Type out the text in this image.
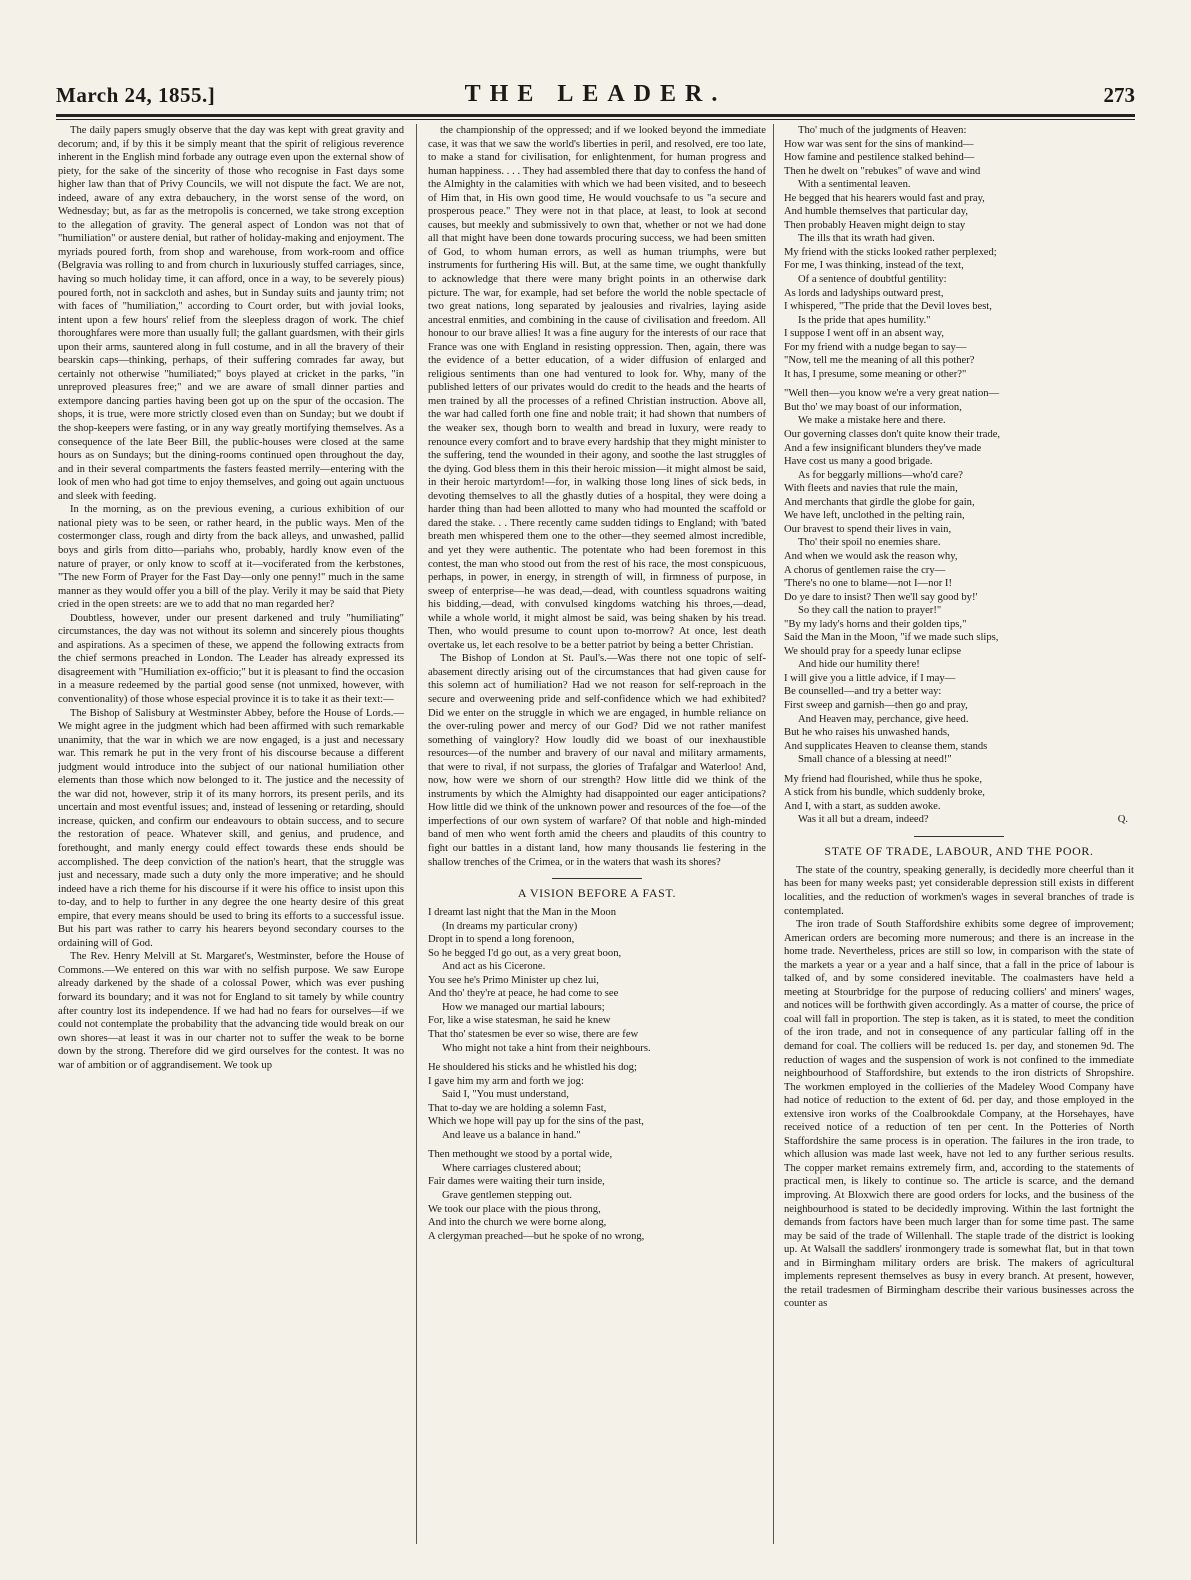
March 24, 1855.]	THE LEADER.	273

The daily papers smugly observe that the day was kept with great gravity and decorum; and, if by this it be simply meant that the spirit of religious reverence inherent in the English mind forbade any outrage even upon the external show of piety, for the sake of the sincerity of those who recognise in Fast days some higher law than that of Privy Councils, we will not dispute the fact. We are not, indeed, aware of any extra debauchery, in the worst sense of the word, on Wednesday; but, as far as the metropolis is concerned, we take strong exception to the allegation of gravity. The general aspect of London was not that of "humiliation" or austere denial, but rather of holiday-making and enjoyment. The myriads poured forth, from shop and warehouse, from work-room and office (Belgravia was rolling to and from church in luxuriously stuffed carriages, since, having so much holiday time, it can afford, once in a way, to be severely pious) poured forth, not in sackcloth and ashes, but in Sunday suits and jaunty trim; not with faces of "humiliation," according to Court order, but with jovial looks, intent upon a few hours' relief from the sleepless dragon of work. The chief thoroughfares were more than usually full; the gallant guardsmen, with their girls upon their arms, sauntered along in full costume, and in all the bravery of their bearskin caps—thinking, perhaps, of their suffering comrades far away, but certainly not otherwise "humiliated;" boys played at cricket in the parks, "in unreproved pleasures free;" and we are aware of small dinner parties and extempore dancing parties having been got up on the spur of the occasion. The shops, it is true, were more strictly closed even than on Sunday; but we doubt if the shop-keepers were fasting, or in any way greatly mortifying themselves. As a consequence of the late Beer Bill, the public-houses were closed at the same hours as on Sundays; but the dining-rooms continued open throughout the day, and in their several compartments the fasters feasted merrily—entering with the look of men who had got time to enjoy themselves, and going out again unctuous and sleek with feeding.

In the morning, as on the previous evening, a curious exhibition of our national piety was to be seen, or rather heard, in the public ways. Men of the costermonger class, rough and dirty from the back alleys, and unwashed, pallid boys and girls from ditto—pariahs who, probably, hardly know even of the nature of prayer, or only know to scoff at it—vociferated from the kerbstones, "The new Form of Prayer for the Fast Day—only one penny!" much in the same manner as they would offer you a bill of the play. Verily it may be said that Piety cried in the open streets: are we to add that no man regarded her?

Doubtless, however, under our present darkened and truly "humiliating" circumstances, the day was not without its solemn and sincerely pious thoughts and aspirations. As a specimen of these, we append the following extracts from the chief sermons preached in London. The Leader has already expressed its disagreement with "Humiliation ex-officio;" but it is pleasant to find the occasion in a measure redeemed by the partial good sense (not unmixed, however, with conventionality) of those whose especial province it is to take it as their text:—

The Bishop of Salisbury at Westminster Abbey, before the House of Lords.—We might agree in the judgment which had been affirmed with such remarkable unanimity, that the war in which we are now engaged, is a just and necessary war. This remark he put in the very front of his discourse because a different judgment would introduce into the subject of our national humiliation other elements than those which now belonged to it. The justice and the necessity of the war did not, however, strip it of its many horrors, its present perils, and its uncertain and most eventful issues; and, instead of lessening or retarding, should increase, quicken, and confirm our endeavours to obtain success, and to secure the restoration of peace. Whatever skill, and genius, and prudence, and forethought, and manly energy could effect towards these ends should be accomplished. The deep conviction of the nation's heart, that the struggle was just and necessary, made such a duty only the more imperative; and he should indeed have a rich theme for his discourse if it were his office to insist upon this to-day, and to help to further in any degree the one hearty desire of this great empire, that every means should be used to bring its efforts to a successful issue. But his part was rather to carry his hearers beyond secondary courses to the ordaining will of God.

The Rev. Henry Melvill at St. Margaret's, Westminster, before the House of Commons.—We entered on this war with no selfish purpose. We saw Europe already darkened by the shade of a colossal Power, which was ever pushing forward its boundary; and it was not for England to sit tamely by while country after country lost its independence. If we had had no fears for ourselves—if we could not contemplate the probability that the advancing tide would break on our own shores—at least it was in our charter not to suffer the weak to be borne down by the strong. Therefore did we gird ourselves for the contest. It was no war of ambition or of aggrandisement. We took up

the championship of the oppressed; and if we looked beyond the immediate case, it was that we saw the world's liberties in peril, and resolved, ere too late, to make a stand for civilisation, for enlightenment, for human progress and human happiness. . . . They had assembled there that day to confess the hand of the Almighty in the calamities with which we had been visited, and to beseech of Him that, in His own good time, He would vouchsafe to us "a secure and prosperous peace." They were not in that place, at least, to look at second causes, but meekly and submissively to own that, whether or not we had done all that might have been done towards procuring success, we had been smitten of God, to whom human errors, as well as human triumphs, were but instruments for furthering His will. But, at the same time, we ought thankfully to acknowledge that there were many bright points in an otherwise dark picture. The war, for example, had set before the world the noble spectacle of two great nations, long separated by jealousies and rivalries, laying aside ancestral enmities, and combining in the cause of civilisation and freedom. All honour to our brave allies! It was a fine augury for the interests of our race that France was one with England in resisting oppression. Then, again, there was the evidence of a better education, of a wider diffusion of enlarged and religious sentiments than one had ventured to look for. Why, many of the published letters of our privates would do credit to the heads and the hearts of men trained by all the processes of a refined Christian instruction. Above all, the war had called forth one fine and noble trait; it had shown that numbers of the weaker sex, though born to wealth and bread in luxury, were ready to renounce every comfort and to brave every hardship that they might minister to the suffering, tend the wounded in their agony, and soothe the last struggles of the dying. God bless them in this their heroic mission—it might almost be said, in their heroic martyrdom!—for, in walking those long lines of sick beds, in devoting themselves to all the ghastly duties of a hospital, they were doing a harder thing than had been allotted to many who had mounted the scaffold or dared the stake. . . There recently came sudden tidings to England; with 'bated breath men whispered them one to the other—they seemed almost incredible, and yet they were authentic. The potentate who had been foremost in this contest, the man who stood out from the rest of his race, the most conspicuous, perhaps, in power, in energy, in strength of will, in firmness of purpose, in sweep of enterprise—he was dead,—dead, with countless squadrons waiting his bidding,—dead, with convulsed kingdoms watching his throes,—dead, while a whole world, it might almost be said, was being shaken by his tread. Then, who would presume to count upon to-morrow? At once, lest death overtake us, let each resolve to be a better patriot by being a better Christian.

The Bishop of London at St. Paul's.—Was there not one topic of self-abasement directly arising out of the circumstances that had given cause for this solemn act of humiliation? Had we not reason for self-reproach in the secure and overweening pride and self-confidence which we had exhibited? Did we enter on the struggle in which we are engaged, in humble reliance on the over-ruling power and mercy of our God? Did we not rather manifest something of vainglory? How loudly did we boast of our inexhaustible resources—of the number and bravery of our naval and military armaments, that were to rival, if not surpass, the glories of Trafalgar and Waterloo! And, now, how were we shorn of our strength? How little did we think of the instruments by which the Almighty had disappointed our eager anticipations? How little did we think of the unknown power and resources of the foe—of the imperfections of our own system of warfare? Of that noble and high-minded band of men who went forth amid the cheers and plaudits of this country to fight our battles in a distant land, how many thousands lie festering in the shallow trenches of the Crimea, or in the waters that wash its shores?

A VISION BEFORE A FAST.
I dreamt last night that the Man in the Moon
(In dreams my particular crony)
Dropt in to spend a long forenoon,
So he begged I'd go out, as a very great boon,
And act as his Cicerone.
You see he's Primo Minister up chez lui,
And tho' they're at peace, he had come to see
How we managed our martial labours;
For, like a wise statesman, he said he knew
That tho' statesmen be ever so wise, there are few
Who might not take a hint from their neighbours.
He shouldered his sticks and he whistled his dog;
I gave him my arm and forth we jog:
Said I, "You must understand,
That to-day we are holding a solemn Fast,
Which we hope will pay up for the sins of the past,
And leave us a balance in hand."
Then methought we stood by a portal wide,
Where carriages clustered about;
Fair dames were waiting their turn inside,
Grave gentlemen stepping out.
We took our place with the pious throng,
And into the church we were borne along,
A clergyman preached—but he spoke of no wrong,
Tho' much of the judgments of Heaven:
How war was sent for the sins of mankind—
How famine and pestilence stalked behind—
Then he dwelt on "rebukes" of wave and wind
With a sentimental leaven.
He begged that his hearers would fast and pray,
And humble themselves that particular day,
Then probably Heaven might deign to stay
The ills that its wrath had given.
My friend with the sticks looked rather perplexed;
For me, I was thinking, instead of the text,
Of a sentence of doubtful gentility:
As lords and ladyships outward prest,
I whispered, "The pride that the Devil loves best,
Is the pride that apes humility."
I suppose I went off in an absent way,
For my friend with a nudge began to say—
"Now, tell me the meaning of all this pother?
It has, I presume, some meaning or other?"
"Well then—you know we're a very great nation—
But tho' we may boast of our information,
We make a mistake here and there.
Our governing classes don't quite know their trade,
And a few insignificant blunders they've made
Have cost us many a good brigade.
As for beggarly millions—who'd care?
With fleets and navies that rule the main,
And merchants that girdle the globe for gain,
We have left, unclothed in the pelting rain,
Our bravest to spend their lives in vain,
Tho' their spoil no enemies share.
And when we would ask the reason why,
A chorus of gentlemen raise the cry—
'There's no one to blame—not I—nor I!
Do ye dare to insist? Then we'll say good by!'
So they call the nation to prayer!"
"By my lady's horns and their golden tips,"
Said the Man in the Moon, "if we made such slips,
We should pray for a speedy lunar eclipse
And hide our humility there!
I will give you a little advice, if I may—
Be counselled—and try a better way:
First sweep and garnish—then go and pray,
And Heaven may, perchance, give heed.
But he who raises his unwashed hands,
And supplicates Heaven to cleanse them, stands
Small chance of a blessing at need!"
My friend had flourished, while thus he spoke,
A stick from his bundle, which suddenly broke,
And I, with a start, as sudden awoke.
Was it all but a dream, indeed?	Q.
STATE OF TRADE, LABOUR, AND THE POOR.

The state of the country, speaking generally, is decidedly more cheerful than it has been for many weeks past; yet considerable depression still exists in different localities, and the reduction of workmen's wages in several branches of trade is contemplated.

The iron trade of South Staffordshire exhibits some degree of improvement; American orders are becoming more numerous; and there is an increase in the home trade. Nevertheless, prices are still so low, in comparison with the state of the markets a year or a year and a half since, that a fall in the price of labour is talked of, and by some considered inevitable. The coalmasters have held a meeting at Stourbridge for the purpose of reducing colliers' and miners' wages, and notices will be forthwith given accordingly. As a matter of course, the price of coal will fall in proportion. The step is taken, as it is stated, to meet the condition of the iron trade, and not in consequence of any particular falling off in the demand for coal. The colliers will be reduced 1s. per day, and stonemen 9d. The reduction of wages and the suspension of work is not confined to the immediate neighbourhood of Staffordshire, but extends to the iron districts of Shropshire. The workmen employed in the collieries of the Madeley Wood Company have had notice of reduction to the extent of 6d. per day, and those employed in the extensive iron works of the Coalbrookdale Company, at the Horsehayes, have received notice of a reduction of ten per cent. In the Potteries of North Staffordshire the same process is in operation. The failures in the iron trade, to which allusion was made last week, have not led to any further serious results. The copper market remains extremely firm, and, according to the statements of practical men, is likely to continue so. The article is scarce, and the demand improving. At Bloxwich there are good orders for locks, and the business of the neighbourhood is stated to be decidedly improving. Within the last fortnight the demands from factors have been much larger than for some time past. The same may be said of the trade of Willenhall. The staple trade of the district is looking up. At Walsall the saddlers' ironmongery trade is somewhat flat, but in that town and in Birmingham military orders are brisk. The makers of agricultural implements represent themselves as busy in every branch. At present, however, the retail tradesmen of Birmingham describe their various businesses across the counter as
